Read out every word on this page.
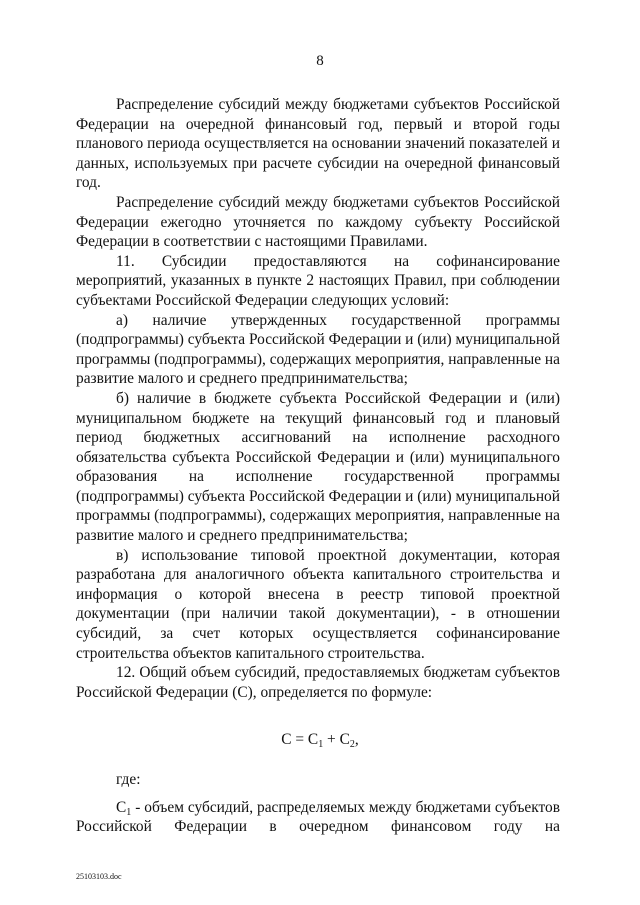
8

Распределение субсидий между бюджетами субъектов Российской Федерации на очередной финансовый год, первый и второй годы планового периода осуществляется на основании значений показателей и данных, используемых при расчете субсидии на очередной финансовый год.

Распределение субсидий между бюджетами субъектов Российской Федерации ежегодно уточняется по каждому субъекту Российской Федерации в соответствии с настоящими Правилами.

11. Субсидии предоставляются на софинансирование мероприятий, указанных в пункте 2 настоящих Правил, при соблюдении субъектами Российской Федерации следующих условий:

а) наличие утвержденных государственной программы (подпрограммы) субъекта Российской Федерации и (или) муниципальной программы (подпрограммы), содержащих мероприятия, направленные на развитие малого и среднего предпринимательства;

б) наличие в бюджете субъекта Российской Федерации и (или) муниципальном бюджете на текущий финансовый год и плановый период бюджетных ассигнований на исполнение расходного обязательства субъекта Российской Федерации и (или) муниципального образования на исполнение государственной программы (подпрограммы) субъекта Российской Федерации и (или) муниципальной программы (подпрограммы), содержащих мероприятия, направленные на развитие малого и среднего предпринимательства;

в) использование типовой проектной документации, которая разработана для аналогичного объекта капитального строительства и информация о которой внесена в реестр типовой проектной документации (при наличии такой документации), - в отношении субсидий, за счет которых осуществляется софинансирование строительства объектов капитального строительства.

12. Общий объем субсидий, предоставляемых бюджетам субъектов Российской Федерации (С), определяется по формуле:

$С = С_1 + С_2$,

где:

С1 - объем субсидий, распределяемых между бюджетами субъектов Российской Федерации в очередном финансовом году на

25103103.doc
